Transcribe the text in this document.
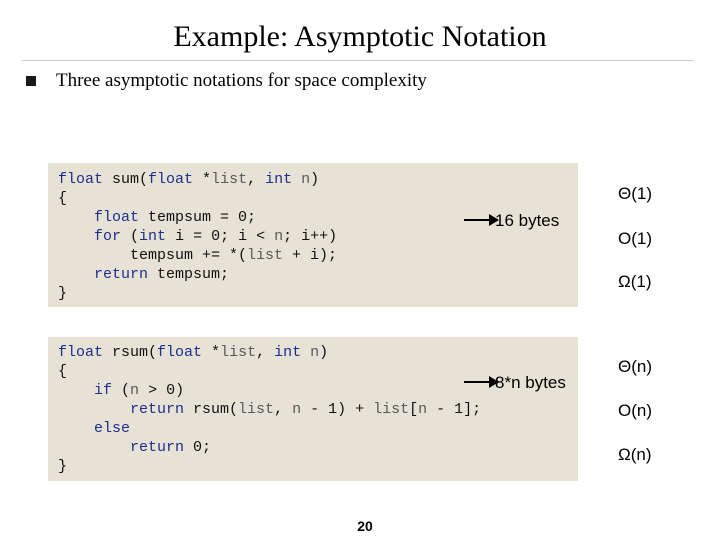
Example: Asymptotic Notation
Three asymptotic notations for space complexity
float sum(float *list, int n)
{
float tempsum = 0;
for (int i = 0; i < n; i++)
tempsum += *(list + i);
return tempsum;
}
16 bytes
Θ(1)
O(1)
Ω(1)
float rsum(float *list, int n)
{
if (n > 0)
return rsum(list, n - 1) + list[n - 1];
else
return 0;
}
8*n bytes
Θ(n)
O(n)
Ω(n)
20
